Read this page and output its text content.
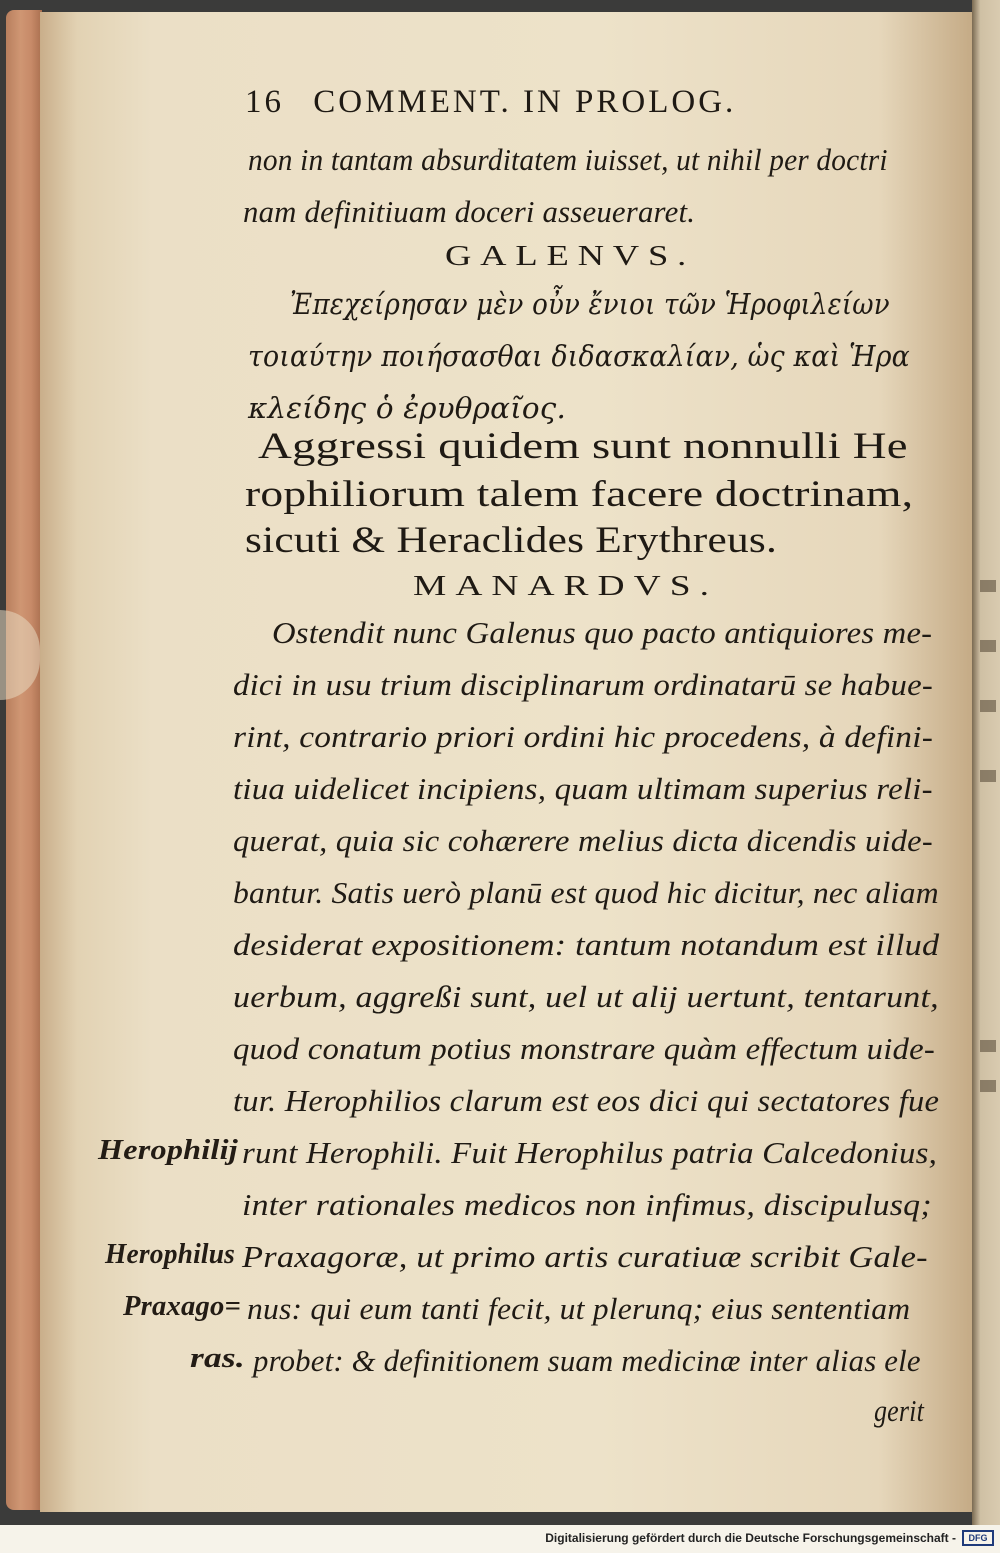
16 COMMENT. IN PROLOG.
non in tantam absurditatem iuisset, ut nihil per doctri
nam definitiuam doceri asseueraret.
GALENVS.
Ἐπεχείρησαν μὲν οὖν ἔνιοι τῶν Ἡροφιλείων
τοιαύτην ποιήσασθαι διδασκαλίαν, ὡς καὶ Ἡρα
κλείδης ὁ ἐρυθραῖος.
Aggressi quidem sunt nonnulli He
rophiliorum talem facere doctrinam,
sicuti & Heraclides Erythreus.
MANARDVS.
Ostendit nunc Galenus quo pacto antiquiores me-
dici in usu trium disciplinarum ordinatarū se habue-
rint, contrario priori ordini hic procedens, à defini-
tiua uidelicet incipiens, quam ultimam superius reli-
querat, quia sic cohærere melius dicta dicendis uide-
bantur. Satis uerò planū est quod hic dicitur, nec aliam
desiderat expositionem: tantum notandum est illud
uerbum, aggreßi sunt, uel ut alij uertunt, tentarunt,
quod conatum potius monstrare quàm effectum uide-
tur. Herophilios clarum est eos dici qui sectatores fue
runt Herophili. Fuit Herophilus patria Calcedonius,
inter rationales medicos non infimus, discipulusq;
Praxagoræ, ut primo artis curatiuæ scribit Gale-
nus: qui eum tanti fecit, ut plerunq; eius sententiam
probet: & definitionem suam medicinæ inter alias ele
gerit
Herophilij
Herophilus
Praxago=
ras.
Digitalisierung gefördert durch die Deutsche Forschungsgemeinschaft -	DFG
